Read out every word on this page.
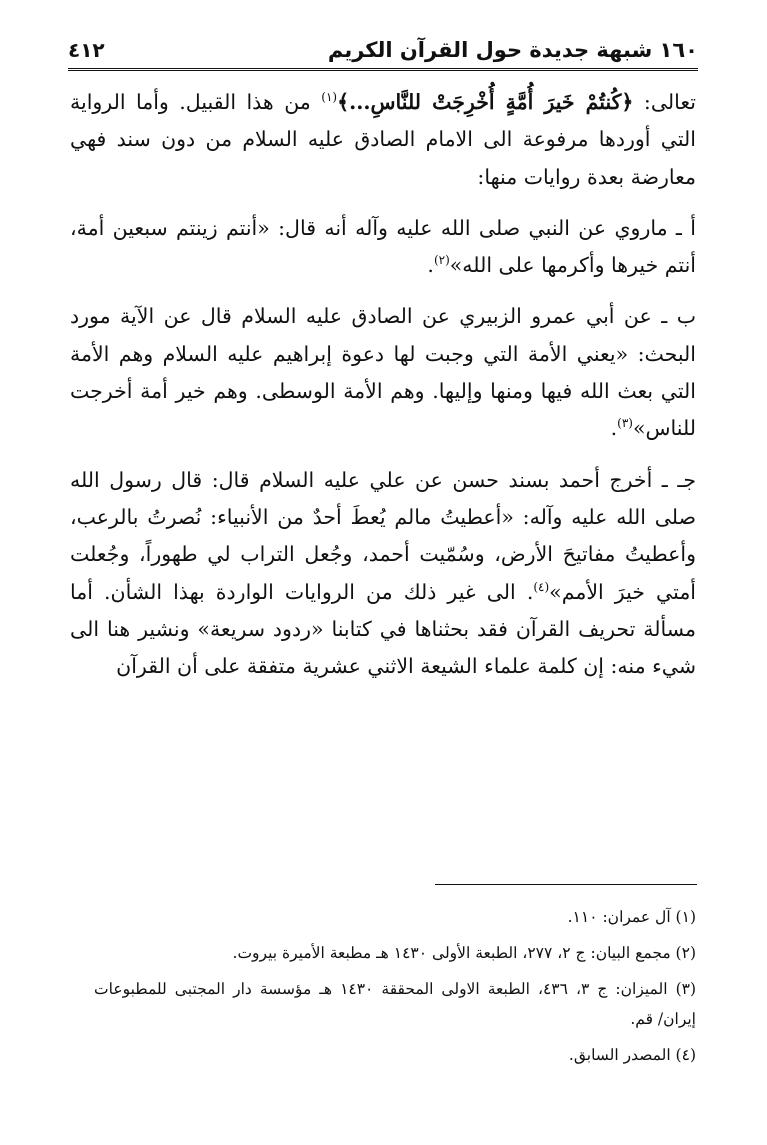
١٦٠ شبهة جديدة حول القرآن الكريم
٤١٢

تعالى: ﴿كُنتُمْ خَيرَ أُمَّةٍ أُخْرِجَتْ للنَّاسِ...﴾$^{(١)}$ من هذا القبيل. وأما الرواية التي أوردها مرفوعة الى الامام الصادق عليه السلام من دون سند فهي معارضة بعدة روايات منها:

أ ـ ماروي عن النبي صلى الله عليه وآله أنه قال: «أنتم زينتم سبعين أمة، أنتم خيرها وأكرمها على الله»$^{(٢)}$.

ب ـ عن أبي عمرو الزبيري عن الصادق عليه السلام قال عن الآية مورد البحث: «يعني الأمة التي وجبت لها دعوة إبراهيم عليه السلام وهم الأمة التي بعث الله فيها ومنها وإليها. وهم الأمة الوسطى. وهم خير أمة أخرجت للناس»$^{(٣)}$.

جـ ـ أخرج أحمد بسند حسن عن علي عليه السلام قال: قال رسول الله صلى الله عليه وآله: «أعطيتُ مالم يُعطَ أحدٌ من الأنبياء: نُصرتُ بالرعب، وأعطيتُ مفاتيحَ الأرض، وسُمّيت أحمد، وجُعل التراب لي طهوراً، وجُعلت أمتي خيرَ الأمم»$^{(٤)}$. الى غير ذلك من الروايات الواردة بهذا الشأن. أما مسألة تحريف القرآن فقد بحثناها في كتابنا «ردود سريعة» ونشير هنا الى شيء منه: إن كلمة علماء الشيعة الاثني عشرية متفقة على أن القرآن

(١) آل عمران: ١١٠.

(٢) مجمع البيان: ج ٢، ٢٧٧، الطبعة الأولى ١٤٣٠ هـ مطبعة الأميرة بيروت.

(٣) الميزان: ج ٣، ٤٣٦، الطبعة الاولى المحققة ١٤٣٠ هـ مؤسسة دار المجتبى للمطبوعات إيران/ قم.

(٤) المصدر السابق.
